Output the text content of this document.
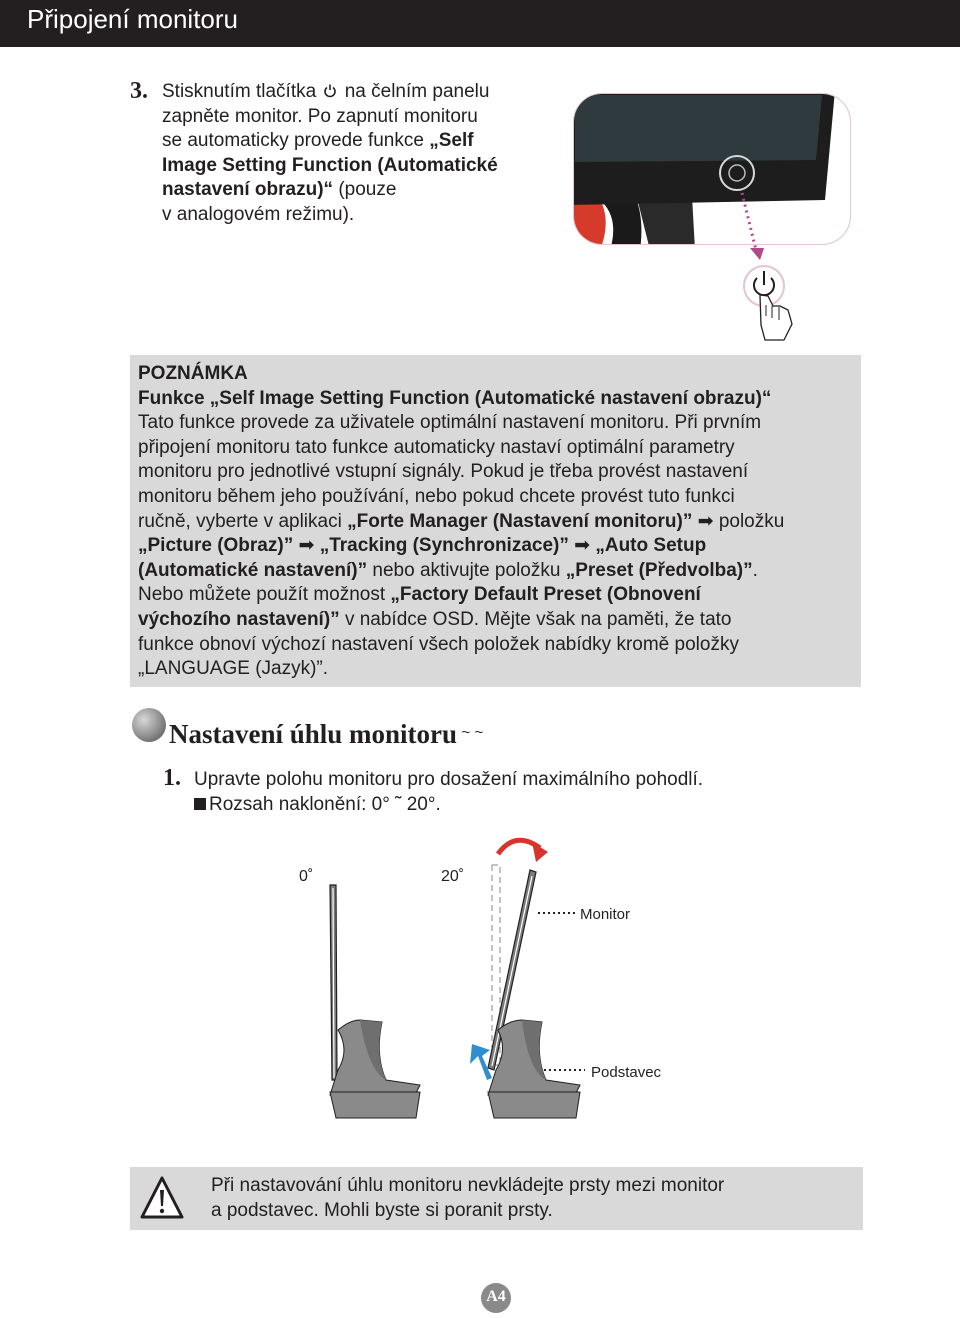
Připojení monitoru
3. Stisknutím tlačítka na čelním panelu
zapněte monitor. Po zapnutí monitoru
se automaticky provede funkce „Self
Image Setting Function (Automatické
nastavení obrazu)“ (pouze
v analogovém režimu).
POZNÁMKA
Funkce „Self Image Setting Function (Automatické nastavení obrazu)“
Tato funkce provede za uživatele optimální nastavení monitoru. Při prvním
připojení monitoru tato funkce automaticky nastaví optimální parametry
monitoru pro jednotlivé vstupní signály. Pokud je třeba provést nastavení
monitoru během jeho používání, nebo pokud chcete provést tuto funkci
ručně, vyberte v aplikaci „Forte Manager (Nastavení monitoru)” ➡ položku
„Picture (Obraz)” ➡ „Tracking (Synchronizace)” ➡ „Auto Setup
(Automatické nastavení)” nebo aktivujte položku „Preset (Předvolba)”.
Nebo můžete použít možnost „Factory Default Preset (Obnovení
výchozího nastavení)” v nabídce OSD. Mějte však na paměti, že tato
funkce obnoví výchozí nastavení všech položek nabídky kromě položky
„LANGUAGE (Jazyk)”.
Nastavení úhlu monitoru ~ ~
1. Upravte polohu monitoru pro dosažení maximálního pohodlí.
Rozsah naklonění: 0° ˜ 20°.
0˚	20˚
Monitor
Podstavec
Při nastavování úhlu monitoru nevkládejte prsty mezi monitor
a podstavec. Mohli byste si poranit prsty.
A4
